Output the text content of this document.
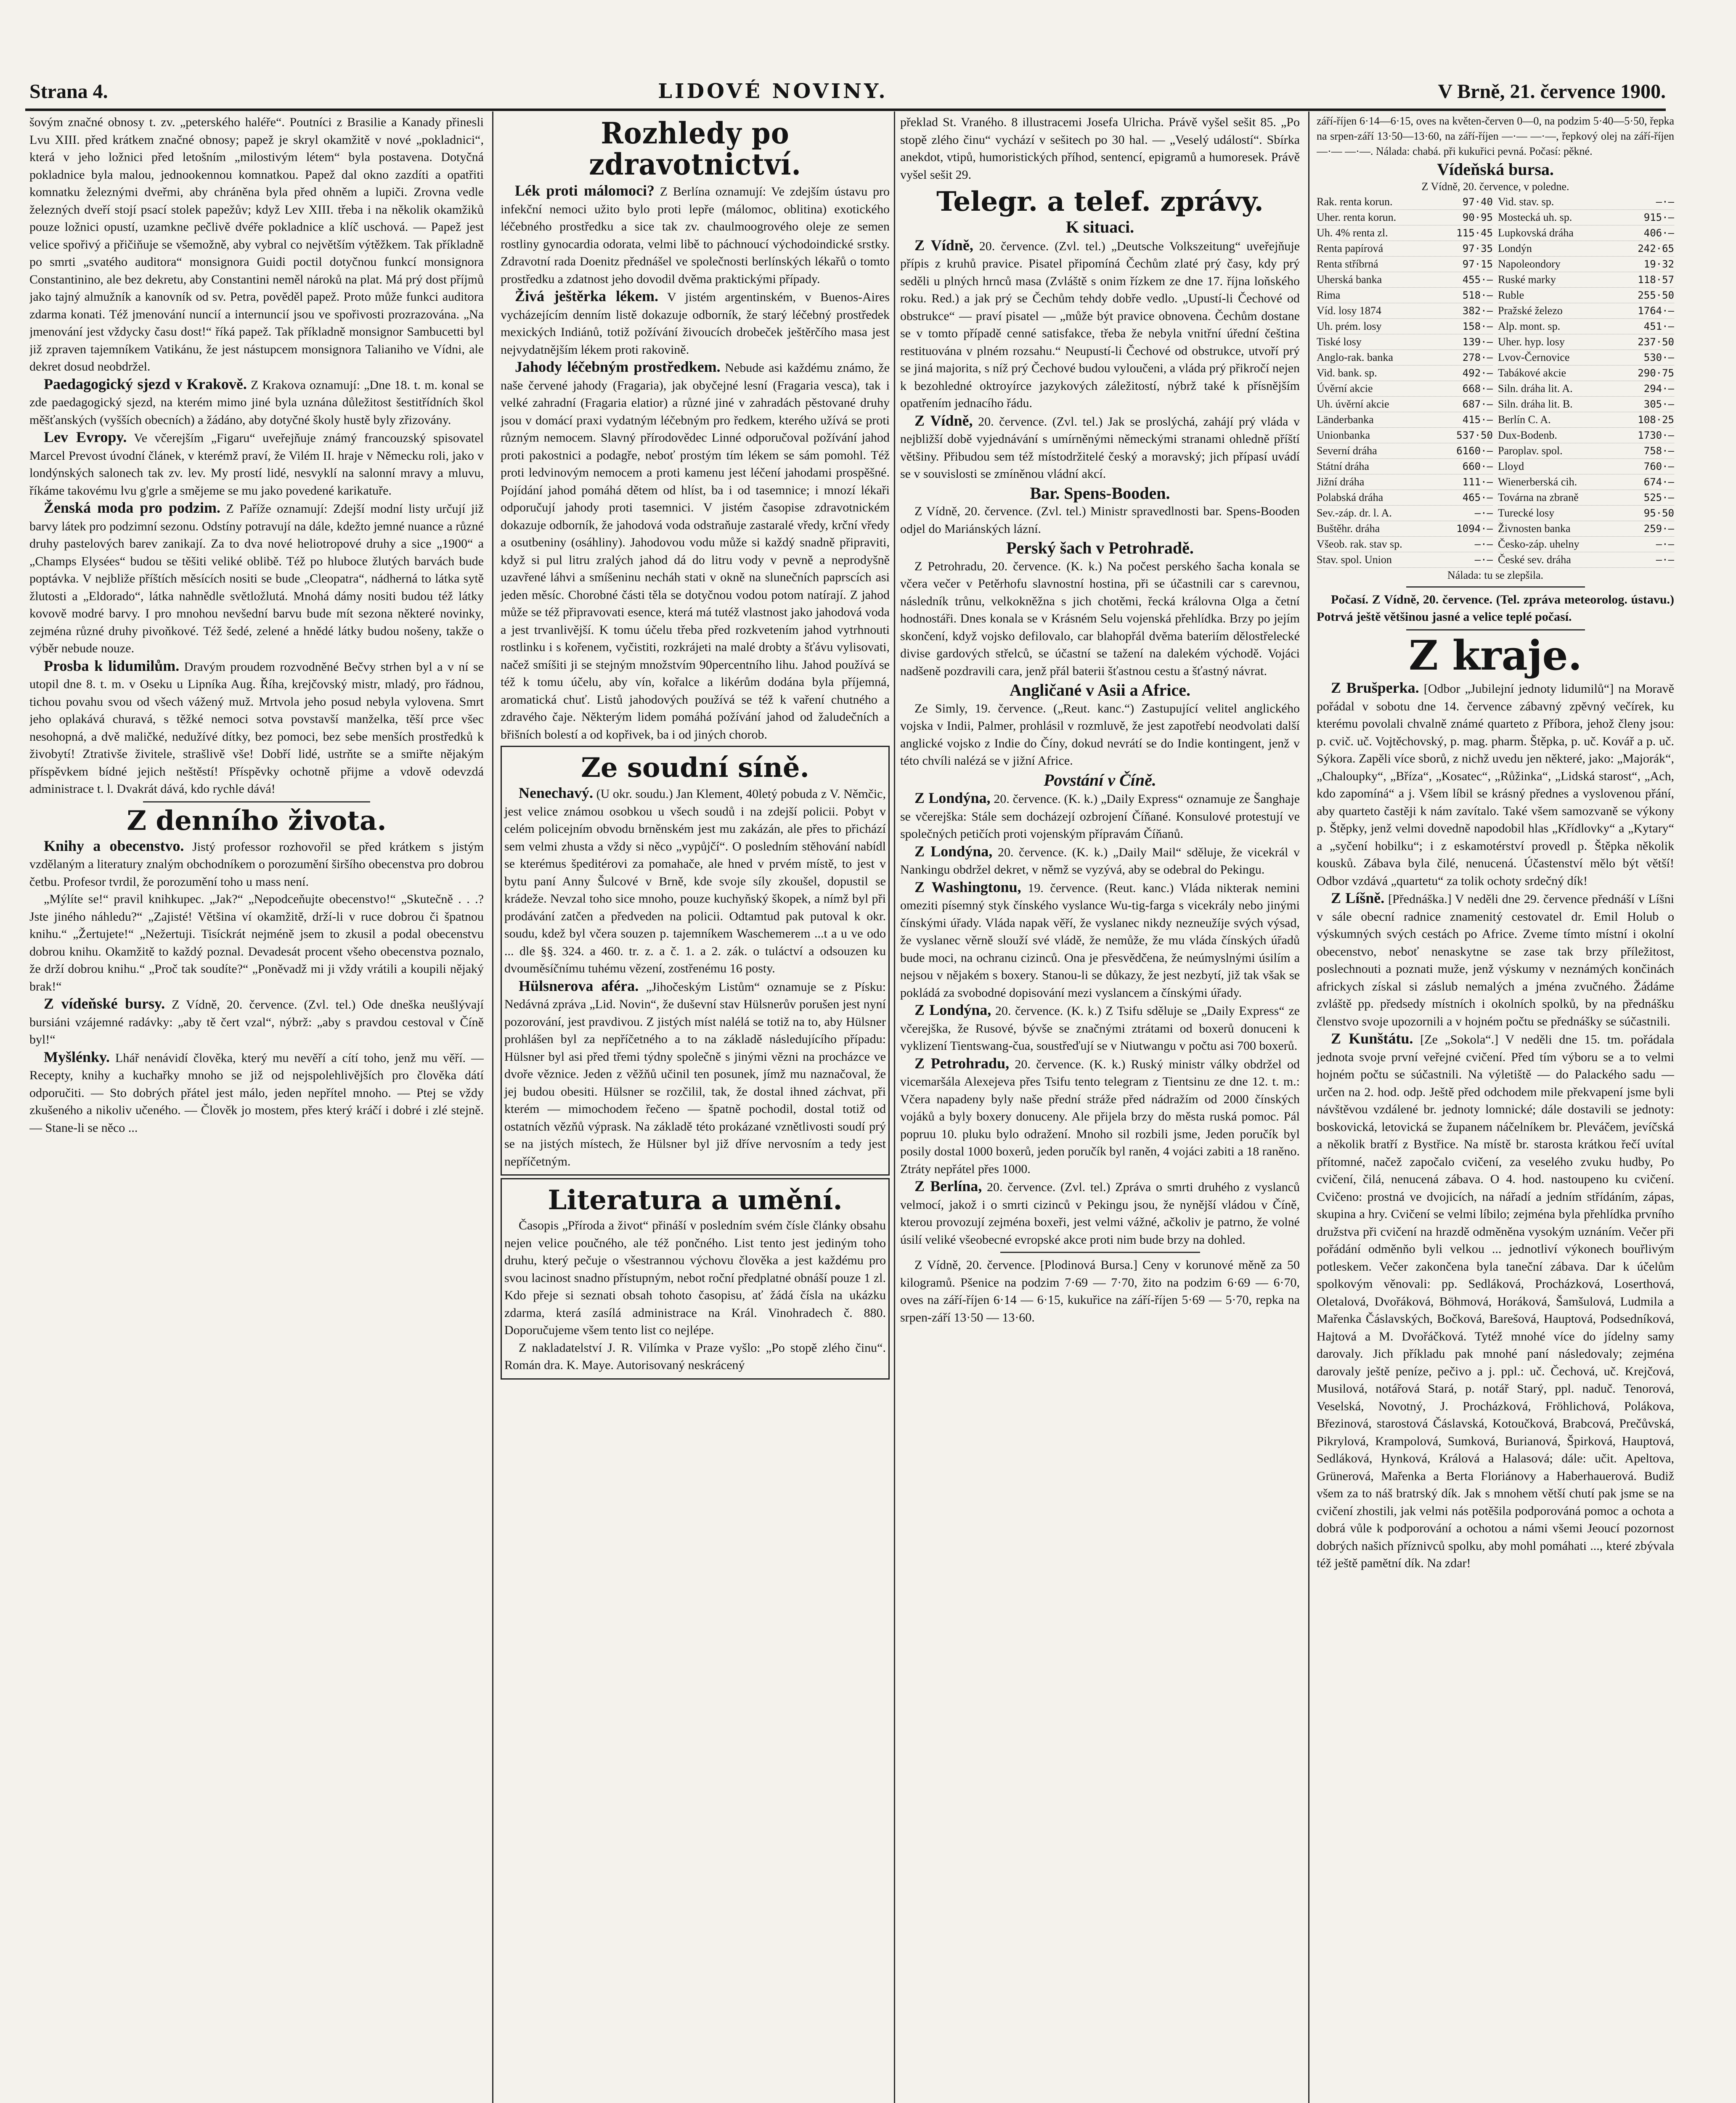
Strana 4.	LIDOVÉ NOVINY.	V Brně, 21. července 1900.

šovým značné obnosy t. zv. „peterského haléře“. Poutníci z Brasilie a Kanady přinesli Lvu XIII. před krátkem značné obnosy; papež je skryl okamžitě v nové „pokladnici“, která v jeho ložnici před letošním „milostivým létem“ byla postavena. Dotyčná pokladnice byla malou, jednookennou komnatkou. Papež dal okno zazdíti a opatřiti komnatku železnými dveřmi, aby chráněna byla před ohněm a lupiči. Zrovna vedle železných dveří stojí psací stolek papežův; když Lev XIII. třeba i na několik okamžiků pouze ložnici opustí, uzamkne pečlivě dvéře pokladnice a klíč uschová. — Papež jest velice spořivý a přičiňuje se všemožně, aby vybral co největším výtěžkem. Tak příkladně po smrti „svatého auditora“ monsignora Guidi poctil dotyčnou funkcí monsignora Constantinino, ale bez dekretu, aby Constantini neměl nároků na plat. Má prý dost příjmů jako tajný almužník a kanovník od sv. Petra, pověděl papež. Proto může funkci auditora zdarma konati. Též jmenování nuncií a internuncií jsou ve spořivosti prozrazována. „Na jmenování jest vždycky času dost!“ říká papež. Tak příkladně monsignor Sambucetti byl již zpraven tajemníkem Vatikánu, že jest nástupcem monsignora Talianiho ve Vídni, ale dekret dosud neobdržel.

Paedagogický sjezd v Krakově. Z Krakova oznamují: „Dne 18. t. m. konal se zde paedagogický sjezd, na kterém mimo jiné byla uznána důležitost šestitřídních škol měšťanských (vyšších obecních) a žádáno, aby dotyčné školy hustě byly zřizovány.

Lev Evropy. Ve včerejším „Figaru“ uveřejňuje známý francouzský spisovatel Marcel Prevost úvodní článek, v kterémž praví, že Vilém II. hraje v Německu roli, jako v londýnských salonech tak zv. lev. My prostí lidé, nesvyklí na salonní mravy a mluvu, říkáme takovému lvu g'grle a smějeme se mu jako povedené karikatuře.

Ženská moda pro podzim. Z Paříže oznamují: Zdejší modní listy určují již barvy látek pro podzimní sezonu. Odstíny potravují na dále, kdežto jemné nuance a různé druhy pastelových barev zanikají. Za to dva nové heliotropové druhy a sice „1900“ a „Champs Elysées“ budou se těšiti veliké oblibě. Též po hluboce žlutých barvách bude poptávka. V nejbliže příštích měsících nositi se bude „Cleopatra“, nádherná to látka sytě žlutosti a „Eldorado“, látka nahnědle světložlutá. Mnohá dámy nositi budou též látky kovově modré barvy. I pro mnohou nevšední barvu bude mít sezona některé novinky, zejména různé druhy pivoňkové. Též šedé, zelené a hnědé látky budou nošeny, takže o výběr nebude nouze.

Prosba k lidumilům. Dravým proudem rozvodněné Bečvy strhen byl a v ní se utopil dne 8. t. m. v Oseku u Lipníka Aug. Říha, krejčovský mistr, mladý, pro řádnou, tichou povahu svou od všech vážený muž. Mrtvola jeho posud nebyla vylovena. Smrt jeho oplakává churavá, s těžké nemoci sotva povstavší manželka, těší prce všec nesohopná, a dvě maličké, nedužívé dítky, bez pomoci, bez sebe menších prostředků k živobytí! Ztrativše živitele, strašlivě vše! Dobří lidé, ustrňte se a smiřte nějakým příspěvkem bídné jejich neštěstí! Příspěvky ochotně přijme a vdově odevzdá administrace t. l. Dvakrát dává, kdo rychle dává!

Z denního života.

Knihy a obecenstvo. Jistý professor rozhovořil se před krátkem s jistým vzdělaným a literatury znalým obchodníkem o porozumění širšího obecenstva pro dobrou četbu. Profesor tvrdil, že porozumění toho u mass není.

„Mýlíte se!“ pravil knihkupec. „Jak?“ „Nepodceňujte obecenstvo!“ „Skutečně . . .? Jste jiného náhledu?“ „Zajisté! Většina ví okamžitě, drží-li v ruce dobrou či špatnou knihu.“ „Žertujete!“ „Nežertuji. Tisíckrát nejméně jsem to zkusil a podal obecenstvu dobrou knihu. Okamžitě to každý poznal. Devadesát procent všeho obecenstva poznalo, že drží dobrou knihu.“ „Proč tak soudíte?“ „Poněvadž mi ji vždy vrátili a koupili nějaký brak!“

Z vídeňské bursy. Z Vídně, 20. července. (Zvl. tel.) Ode dneška neušlývají bursiáni vzájemné radávky: „aby tě čert vzal“, nýbrž: „aby s pravdou cestoval v Číně byl!“

Myšlénky. Lhář nenávidí člověka, který mu nevěří a cítí toho, jenž mu věří. — Recepty, knihy a kuchařky mnoho se již od nejspolehlivějších pro člověka dátí odporučiti. — Sto dobrých přátel jest málo, jeden nepřítel mnoho. — Ptej se vždy zkušeného a nikoliv učeného. — Člověk jo mostem, přes který kráčí i dobré i zlé stejně. — Stane-li se něco ...

Rozhledy po zdravotnictví.

Lék proti málomoci? Z Berlína oznamují: Ve zdejším ústavu pro infekční nemoci užito bylo proti lepře (málomoc, oblitina) exotického léčebného prostředku a sice tak zv. chaulmoogrového oleje ze semen rostliny gynocardia odorata, velmi libě to páchnoucí východoindické srstky. Zdravotní rada Doenitz přednášel ve společnosti berlínských lékařů o tomto prostředku a zdatnost jeho dovodil dvěma praktickými případy.

Živá ještěrka lékem. V jistém argentinském, v Buenos-Aires vycházejícím denním listě dokazuje odborník, že starý léčebný prostředek mexických Indiánů, totiž požívání živoucích drobeček ještěrčího masa jest nejvydatnějším lékem proti rakovině.

Jahody léčebným prostředkem. Nebude asi každému známo, že naše červené jahody (Fragaria), jak obyčejné lesní (Fragaria vesca), tak i velké zahradní (Fragaria elatior) a různé jiné v zahradách pěstované druhy jsou v domácí praxi vydatným léčebným pro ředkem, kterého užívá se proti různým nemocem. Slavný přírodovědec Linné odporučoval požívání jahod proti pakostnici a podagře, neboť prostým tím lékem se sám pomohl. Též proti ledvinovým nemocem a proti kamenu jest léčení jahodami prospěšné. Pojídání jahod pomáhá dětem od hlíst, ba i od tasemnice; i mnozí lékaři odporučují jahody proti tasemnici. V jistém časopise zdravotnickém dokazuje odborník, že jahodová voda odstraňuje zastaralé vředy, krční vředy a osutbeniny (osáhliny). Jahodovou vodu může si každý snadně připraviti, když si pul litru zralých jahod dá do litru vody v pevně a neprodyšně uzavřené láhvi a smíšeninu necháh stati v okně na slunečních paprscích asi jeden měsíc. Chorobné části těla se dotyčnou vodou potom natírají. Z jahod může se též připravovati esence, která má tutéž vlastnost jako jahodová voda a jest trvanlivější. K tomu účelu třeba před rozkvetením jahod vytrhnouti rostlinku i s kořenem, vyčistiti, rozkrájeti na malé drobty a šťávu vylisovati, načež smíšiti ji se stejným množstvím 90percentního lihu. Jahod používá se též k tomu účelu, aby vín, kořalce a likérům dodána byla příjemná, aromatická chuť. Listů jahodových používá se též k vaření chutného a zdravého čaje. Některým lidem pomáhá požívání jahod od žaludečních a břišních bolestí a od kopřivek, ba i od jiných chorob.

Ze soudní síně.

Nenechavý. (U okr. soudu.) Jan Klement, 40letý pobuda z V. Němčic, jest velice známou osobkou u všech soudů i na zdejší policii. Pobyt v celém policejním obvodu brněnském jest mu zakázán, ale přes to přichází sem velmi zhusta a vždy si něco „vypůjčí“. O posledním stěhování nabídl se kterémus špeditérovi za pomahače, ale hned v prvém místě, to jest v bytu paní Anny Šulcové v Brně, kde svoje síly zkoušel, dopustil se krádeže. Nevzal toho sice mnoho, pouze kuchyňský škopek, a nímž byl při prodávání zatčen a předveden na policii. Odtamtud pak putoval k okr. soudu, kdež byl včera souzen p. tajemníkem Waschemerem ...t a u ve odo ... dle §§. 324. a 460. tr. z. a č. 1. a 2. zák. o tuláctví a odsouzen ku dvouměsíčnímu tuhému vězení, zostřenému 16 posty.

Hülsnerova aféra. „Jihočeským Listům“ oznamuje se z Písku: Nedávná zpráva „Lid. Novin“, že duševní stav Hülsnerův porušen jest nyní pozorování, jest pravdivou. Z jistých míst nalélá se totiž na to, aby Hülsner prohlášen byl za nepříčetného a to na základě následujícího případu: Hülsner byl asi před třemi týdny společně s jinými vězni na procházce ve dvoře věznice. Jeden z věžňů učinil ten posunek, jímž mu naznačoval, že jej budou obesiti. Hülsner se rozčilil, tak, že dostal ihned záchvat, při kterém — mimochodem řečeno — špatně pochodil, dostal totiž od ostatních vězňů výprask. Na základě této prokázané vznětlivosti soudí prý se na jistých místech, že Hülsner byl již dříve nervosním a tedy jest nepříčetným.

Literatura a umění.

Časopis „Příroda a život“ přináší v posledním svém čísle články obsahu nejen velice poučného, ale též pončného. List tento jest jediným toho druhu, který pečuje o všestrannou výchovu člověka a jest každému pro svou lacinost snadno přístupným, nebot roční předplatné obnáší pouze 1 zl. Kdo přeje si seznati obsah tohoto časopisu, ať žádá čísla na ukázku zdarma, která zasílá administrace na Král. Vinohradech č. 880. Doporučujeme všem tento list co nejlépe.

Z nakladatelství J. R. Vilímka v Praze vyšlo: „Po stopě zlého činu“. Román dra. K. Maye. Autorisovaný neskrácený

překlad St. Vraného. 8 illustracemi Josefa Ulricha. Právě vyšel sešit 85. „Po stopě zlého činu“ vychází v sešitech po 30 hal. — „Veselý událostí“. Sbírka anekdot, vtipů, humoristických příhod, sentencí, epigramů a humoresek. Právě vyšel sešit 29.

Telegr. a telef. zprávy.
K situaci.

Z Vídně, 20. července. (Zvl. tel.) „Deutsche Volkszeitung“ uveřejňuje přípis z kruhů pravice. Pisatel připomíná Čechům zlaté prý časy, kdy prý seděli u plných hrnců masa (Zvláště s onim řízkem ze dne 17. října loňského roku. Red.) a jak prý se Čechům tehdy dobře vedlo. „Upustí-li Čechové od obstrukce“ — praví pisatel — „může být pravice obnovena. Čechům dostane se v tomto případě cenné satisfakce, třeba že nebyla vnitřní úřední čeština restituována v plném rozsahu.“ Neupustí-li Čechové od obstrukce, utvoří prý se jiná majorita, s níž prý Čechové budou vyloučeni, a vláda prý přikročí nejen k bezohledné oktroyírce jazykových záležitostí, nýbrž také k přísnějším opatřením jednacího řádu.

Z Vídně, 20. července. (Zvl. tel.) Jak se proslýchá, zahájí prý vláda v nejbližší době vyjednávání s umírněnými německými stranami ohledně příští většiny. Přibudou sem též místodržitelé český a moravský; jich přípasí uvádí se v souvislosti se zmíněnou vládní akcí.

Bar. Spens-Booden.

Z Vídně, 20. července. (Zvl. tel.) Ministr spravedlnosti bar. Spens-Booden odjel do Mariánských lázní.

Perský šach v Petrohradě.

Z Petrohradu, 20. července. (K. k.) Na počest perského šacha konala se včera večer v Petěrhofu slavnostní hostina, při se účastnili car s carevnou, následník trůnu, velkokněžna s jich chotěmi, řecká královna Olga a četní hodnostáři. Dnes konala se v Krásném Selu vojenská přehlídka. Brzy po jejím skončení, když vojsko defilovalo, car blahopřál dvěma bateriím dělostřelecké divise gardových střelců, se účastní se tažení na dalekém východě. Vojáci nadšeně pozdravili cara, jenž přál baterii šťastnou cestu a šťastný návrat.

Angličané v Asii a Africe.

Ze Simly, 19. července. („Reut. kanc.“) Zastupující velitel anglického vojska v Indii, Palmer, prohlásil v rozmluvě, že jest zapotřebí neodvolati další anglické vojsko z Indie do Číny, dokud nevrátí se do Indie kontingent, jenž v této chvíli nalézá se v jižní Africe.

Povstání v Číně.

Z Londýna, 20. července. (K. k.) „Daily Express“ oznamuje ze Šanghaje se včerejška: Stále sem docházejí ozbrojení Číňané. Konsulové protestují ve společných petičích proti vojenským přípravám Číňanů.

Z Londýna, 20. července. (K. k.) „Daily Mail“ sděluje, že vicekrál v Nankingu obdržel dekret, v němž se vyzývá, aby se odebral do Pekingu.

Z Washingtonu, 19. července. (Reut. kanc.) Vláda nikterak nemini omeziti písemný styk čínského vyslance Wu-tig-farga s vicekrály nebo jinými čínskými úřady. Vláda napak věří, že vyslanec nikdy nezneužíje svých výsad, že vyslanec věrně slouží své vládě, že nemůže, že mu vláda čínských úřadů bude moci, na ochranu cizinců. Ona je přesvědčena, že neúmyslnými úsilím a nejsou v nějakém s boxery. Stanou-li se důkazy, že jest nezbytí, již tak však se pokládá za svobodné dopisování mezi vyslancem a čínskými úřady.

Z Londýna, 20. července. (K. k.) Z Tsifu sděluje se „Daily Express“ ze včerejška, že Rusové, bývše se značnými ztrátami od boxerů donuceni k vyklizení Tientswang-čua, soustřeďují se v Niutwangu v počtu asi 700 boxerů.

Z Petrohradu, 20. července. (K. k.) Ruský ministr války obdržel od vicemaršála Alexejeva přes Tsifu tento telegram z Tientsinu ze dne 12. t. m.: Včera napadeny byly naše přední stráže před nádražím od 2000 čínských vojáků a byly boxery donuceny. Ale přijela brzy do města ruská pomoc. Pál popruu 10. pluku bylo odražení. Mnoho sil rozbili jsme, Jeden poručík byl posily dostal 1000 boxerů, jeden poručík byl raněn, 4 vojáci zabiti a 18 raněno. Ztráty nepřátel přes 1000.

Z Berlína, 20. července. (Zvl. tel.) Zpráva o smrti druhého z vyslanců velmocí, jakož i o smrti cizinců v Pekingu jsou, že nynější vládou v Číně, kterou provozují zejména boxeři, jest velmi vážné, ačkoliv je patrno, že volné úsilí veliké všeobecné evropské akce proti nim bude brzy na dohled.

Z Vídně, 20. července. [Plodinová Bursa.] Ceny v korunové měně za 50 kilogramů. Pšenice na podzim 7·69 — 7·70, žito na podzim 6·69 — 6·70, oves na září-říjen 6·14 — 6·15, kukuřice na září-říjen 5·69 — 5·70, repka na srpen-září 13·50 — 13·60.

září-říjen 6·14—6·15, oves na květen-červen 0—0, na podzim 5·40—5·50, řepka na srpen-září 13·50—13·60, na září-říjen —·— —·—, řepkový olej na září-říjen —·— —·—. Nálada: chabá. při kukuřici pevná. Počasí: pěkné.

Vídeňská bursa.
Z Vídně, 20. července, v poledne.
Rak. renta korun.	97·40
Uher. renta korun.	90·95
Uh. 4% renta zl.	115·45
Renta papírová	97·35
Renta stříbrná	97·15
Uherská banka	455·—
Rima	518·—
Víd. losy 1874	382·—
Uh. prém. losy	158·—
Tiské losy	139·—
Anglo-rak. banka	278·—
Vid. bank. sp.	492·—
Úvěrní akcie	668·—
Uh. úvěrní akcie	687·—
Länderbanka	415·—
Unionbanka	537·50
Severní dráha	6160·—
Státní dráha	660·—
Jižní dráha	111·—
Polabská dráha	465·—
Sev.-záp. dr. l. A.	—·—
Buštěhr. dráha	1094·—
Všeob. rak. stav sp.	—·—
Stav. spol. Union	—·—
Vid. stav. sp.	—·—
Mostecká uh. sp.	915·—
Lupkovská dráha	406·—
Londýn	242·65
Napoleondory	19·32
Ruské marky	118·57
Ruble	255·50
Pražské železo	1764·—
Alp. mont. sp.	451·—
Uher. hyp. losy	237·50
Lvov-Černovice	530·—
Tabákové akcie	290·75
Siln. dráha lit. A.	294·—
Siln. dráha lit. B.	305·—
Berlín C. A.	108·25
Dux-Bodenb.	1730·—
Paroplav. spol.	758·—
Lloyd	760·—
Wienerberská cih.	674·—
Továrna na zbraně	525·—
Turecké losy	95·50
Živnosten banka	259·—
Česko-záp. uhelny	—·—
České sev. dráha	—·—
Nálada: tu se zlepšila.

Počasí. Z Vídně, 20. července. (Tel. zpráva meteorolog. ústavu.) Potrvá ještě většinou jasné a velice teplé počasí.

Z kraje.

Z Brušperka. [Odbor „Jubilejní jednoty lidumilů“] na Moravě pořádal v sobotu dne 14. července zábavný zpěvný večírek, ku kterému povolali chvalně známé quarteto z Příbora, jehož členy jsou: p. cvič. uč. Vojtěchovský, p. mag. pharm. Štěpka, p. uč. Kovář a p. uč. Sýkora. Zapěli více sborů, z nichž uvedu jen některé, jako: „Majorák“, „Chaloupky“, „Bříza“, „Kosatec“, „Růžinka“, „Lidská starost“, „Ach, kdo zapomíná“ a j. Všem líbil se krásný přednes a vyslovenou přání, aby quarteto častěji k nám zavítalo. Také všem samozvaně se výkony p. Štěpky, jenž velmi dovedně napodobil hlas „Křídlovky“ a „Kytary“ a „syčení hobilku“; i z eskamotérství provedl p. Štěpka několik kousků. Zábava byla čilé, nenucená. Účastenství mělo být větší! Odbor vzdává „quartetu“ za tolik ochoty srdečný dík!

Z Líšně. [Přednáška.] V neděli dne 29. července přednáší v Líšni v sále obecní radnice znamenitý cestovatel dr. Emil Holub o výskumných svých cestách po Africe. Zveme tímto místní i okolní obecenstvo, neboť nenaskytne se zase tak brzy příležitost, poslechnouti a poznati muže, jenž výskumy v neznámých končinách africkych získal si záslub nemalých a jména zvučného. Žádáme zvláště pp. předsedy místních i okolních spolků, by na přednášku členstvo svoje upozornili a v hojném počtu se přednášky se súčastnili.

Z Kunštátu. [Ze „Sokola“.] V neděli dne 15. tm. pořádala jednota svoje první veřejné cvičení. Před tím výboru se a to velmi hojném počtu se súčastnili. Na výletiště — do Palackého sadu — určen na 2. hod. odp. Ještě před odchodem mile překvapení jsme byli návštěvou vzdálené br. jednoty lomnické; dále dostavili se jednoty: boskovická, letovická se županem náčelníkem br. Pleváčem, jevíčská a několik bratří z Bystřice. Na místě br. starosta krátkou řečí uvítal přítomné, načež započalo cvičení, za veselého zvuku hudby, Po cvičení, čilá, nenucená zábava. O 4. hod. nastoupeno ku cvičení. Cvičeno: prostná ve dvojicích, na nářadí a jedním střídáním, zápas, skupina a hry. Cvičení se velmi líbilo; zejména byla přehlídka prvního družstva při cvičení na hrazdě odměněna vysokým uznáním. Večer při pořádání odměnňo byli velkou ... jednotliví výkonech bouřlivým potleskem. Večer zakončena byla taneční zábava. Dar k účelům spolkovým věnovali: pp. Sedláková, Procházková, Loserthová, Oletalová, Dvořáková, Böhmová, Horáková, Šamšulová, Ludmila a Mařenka Čáslavských, Bočková, Barešová, Hauptová, Podsedníková, Hajtová a M. Dvořáčková. Tytéž mnohé více do jídelny samy darovaly. Jich příkladu pak mnohé paní následovaly; zejména darovaly ještě peníze, pečivo a j. ppl.: uč. Čechová, uč. Krejčová, Musilová, notářová Stará, p. notář Starý, ppl. naduč. Tenorová, Veselská, Novotný, J. Procházková, Fröhlichová, Polákova, Březinová, starostová Čáslavská, Kotoučková, Brabcová, Prečůvská, Pikrylová, Krampolová, Sumková, Burianová, Špirková, Hauptová, Sedláková, Hynková, Králová a Halasová; dále: učit. Apeltova, Grünerová, Mařenka a Berta Floriánovy a Haberhauerová. Budiž všem za to náš bratrský dík. Jak s mnohem větší chutí pak jsme se na cvičení zhostili, jak velmi nás potěšila podporováná pomoc a ochota a dobrá vůle k podporování a ochotou a námi všemi Jeoucí pozornost dobrých našich příznivců spolku, aby mohl pomáhati ..., které zbývala též ještě pamětní dík. Na zdar!
